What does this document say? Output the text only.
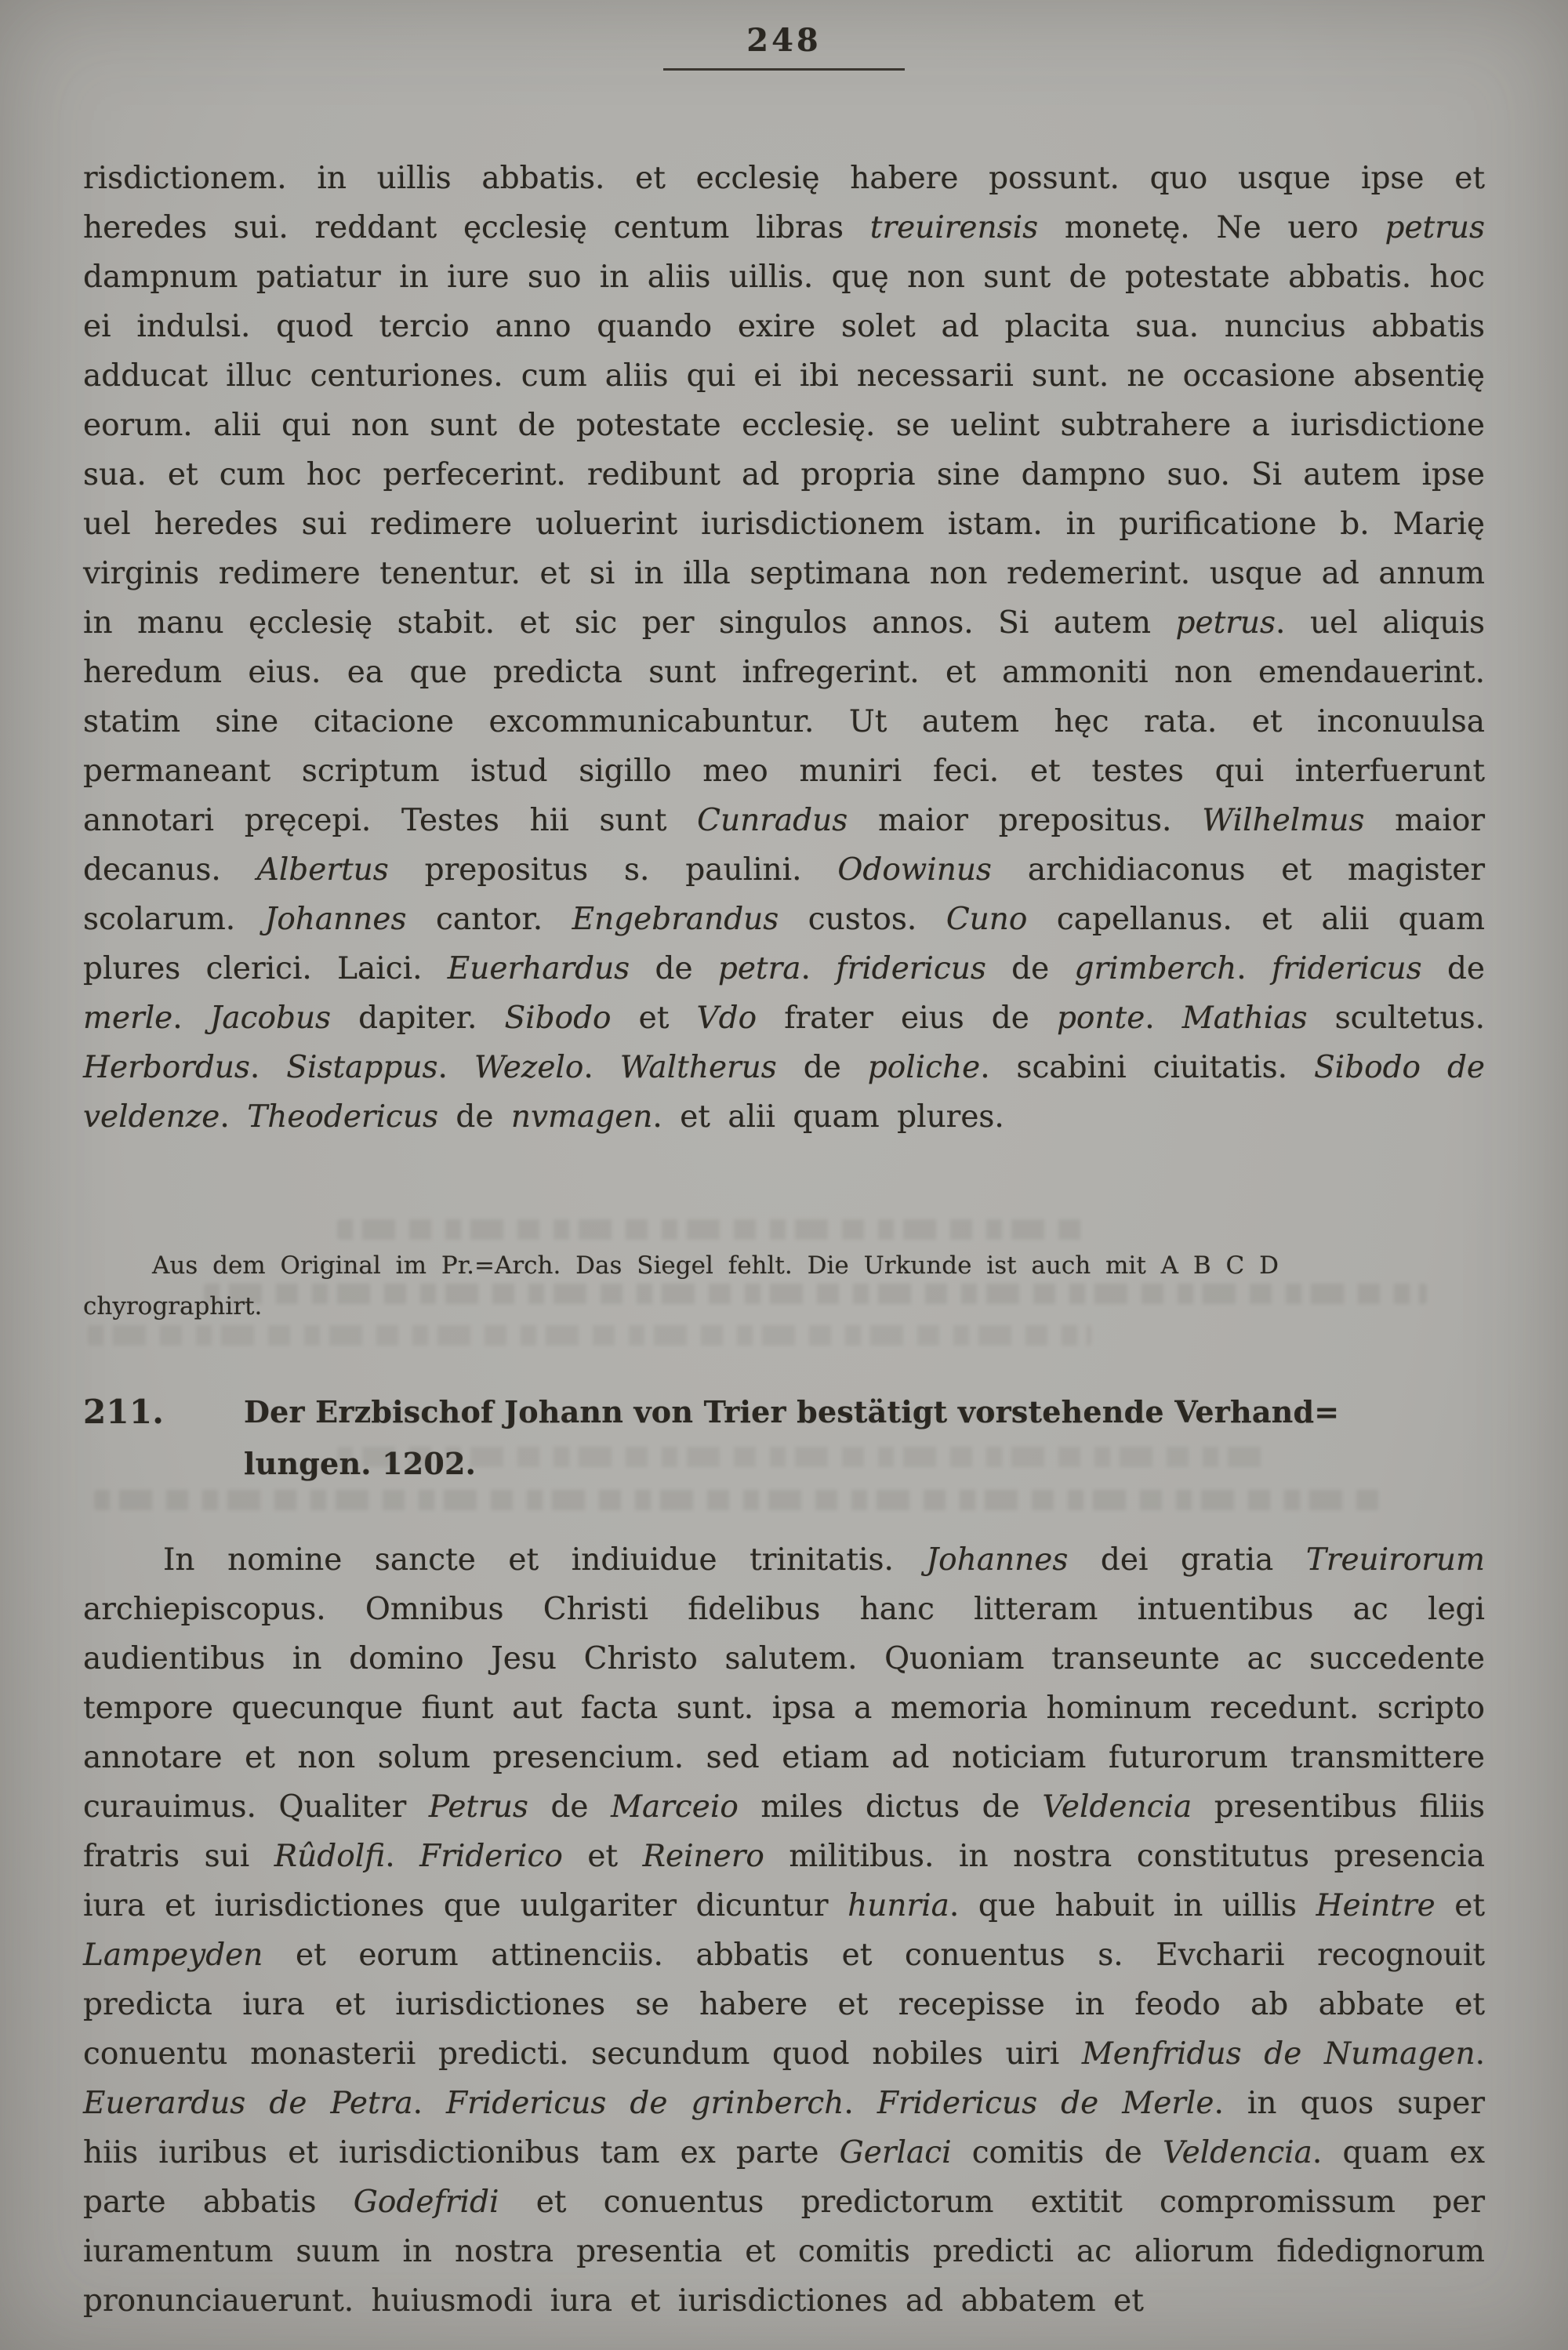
248

risdictionem. in uillis abbatis. et ecclesię habere possunt. quo usque ipse et heredes sui. reddant ęcclesię centum libras treuirensis monetę. Ne uero petrus dampnum patiatur in iure suo in aliis uillis. quę non sunt de potestate abbatis. hoc ei indulsi. quod tercio anno quando exire solet ad placita sua. nuncius abbatis adducat illuc centuriones. cum aliis qui ei ibi necessarii sunt. ne occasione absentię eorum. alii qui non sunt de potestate ecclesię. se uelint subtrahere a iurisdictione sua. et cum hoc perfecerint. redibunt ad propria sine dampno suo. Si autem ipse uel heredes sui redimere uoluerint iurisdictionem istam. in purificatione b. Marię virginis redimere tenentur. et si in illa septimana non redemerint. usque ad annum in manu ęcclesię stabit. et sic per singulos annos. Si autem petrus. uel aliquis heredum eius. ea que predicta sunt infregerint. et ammoniti non emendauerint. statim sine citacione excommunicabuntur. Ut autem hęc rata. et inconuulsa permaneant scriptum istud sigillo meo muniri feci. et testes qui interfuerunt annotari pręcepi. Testes hii sunt Cunradus maior prepositus. Wilhelmus maior decanus. Albertus prepositus s. paulini. Odowinus archidiaconus et magister scolarum. Johannes cantor. Engebrandus custos. Cuno capellanus. et alii quam plures clerici. Laici. Euerhardus de petra. fridericus de grimberch. fridericus de merle. Jacobus dapiter. Sibodo et Vdo frater eius de ponte. Mathias scultetus. Herbordus. Sistappus. Wezelo. Waltherus de poliche. scabini ciuitatis. Sibodo de veldenze. Theodericus de nvmagen. et alii quam plures.

Aus dem Original im Pr.=Arch. Das Siegel fehlt. Die Urkunde ist auch mit A B C D
chyrographirt.

211.	Der Erzbischof Johann von Trier bestätigt vorstehende Verhand=
lungen. 1202.

In nomine sancte et indiuidue trinitatis. Johannes dei gratia Treuirorum archiepiscopus. Omnibus Christi fidelibus hanc litteram intuentibus ac legi audientibus in domino Jesu Christo salutem. Quoniam transeunte ac succedente tempore quecunque fiunt aut facta sunt. ipsa a memoria hominum recedunt. scripto annotare et non solum presencium. sed etiam ad noticiam futurorum transmittere curauimus. Qualiter Petrus de Marceio miles dictus de Veldencia presentibus filiis fratris sui Rûdolfi. Friderico et Reinero militibus. in nostra constitutus presencia iura et iurisdictiones que uulgariter dicuntur hunria. que habuit in uillis Heintre et Lampeyden et eorum attinenciis. abbatis et conuentus s. Evcharii recognouit predicta iura et iurisdictiones se habere et recepisse in feodo ab abbate et conuentu monasterii predicti. secundum quod nobiles uiri Menfridus de Numagen. Euerardus de Petra. Fridericus de grinberch. Fridericus de Merle. in quos super hiis iuribus et iurisdictionibus tam ex parte Gerlaci comitis de Veldencia. quam ex parte abbatis Godefridi et conuentus predictorum extitit compromissum per iuramentum suum in nostra presentia et comitis predicti ac aliorum fidedignorum pronunciauerunt. huiusmodi iura et iurisdictiones ad abbatem et
